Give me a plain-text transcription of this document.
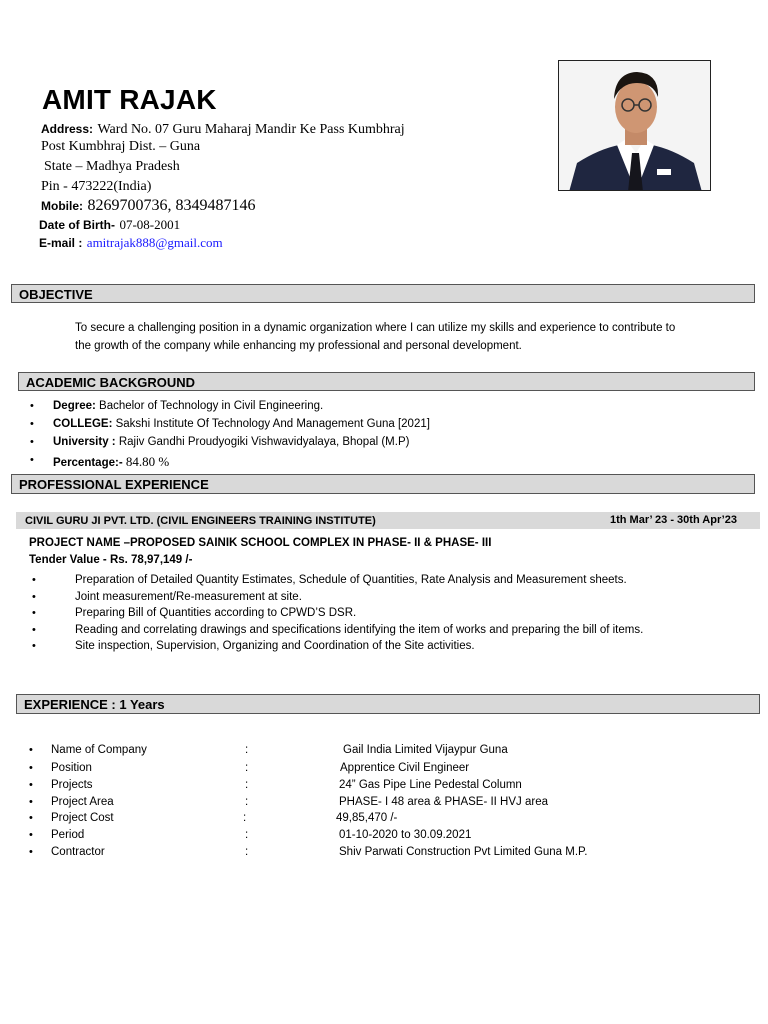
AMIT RAJAK
Address: Ward No. 07 Guru Maharaj Mandir Ke Pass Kumbhraj
Post Kumbhraj Dist. – Guna
State – Madhya Pradesh
Pin - 473222(India)
Mobile: 8269700736, 8349487146
Date of Birth- 07-08-2001
E-mail : amitrajak888@gmail.com
OBJECTIVE
To secure a challenging position in a dynamic organization where I can utilize my skills and experience to contribute to
the growth of the company while enhancing my professional and personal development.
ACADEMIC BACKGROUND
• Degree: Bachelor of Technology in Civil Engineering.
• COLLEGE: Sakshi Institute Of Technology And Management Guna [2021]
• University : Rajiv Gandhi Proudyogiki Vishwavidyalaya, Bhopal (M.P)
• Percentage:- 84.80 %
PROFESSIONAL EXPERIENCE
CIVIL GURU JI PVT. LTD. (CIVIL ENGINEERS TRAINING INSTITUTE)	1th Mar’ 23 - 30th Apr’23
PROJECT NAME –PROPOSED SAINIK SCHOOL COMPLEX IN PHASE- II & PHASE- III
Tender Value - Rs. 78,97,149 /-
•	Preparation of Detailed Quantity Estimates, Schedule of Quantities, Rate Analysis and Measurement sheets.
•	Joint measurement/Re-measurement at site.
•	Preparing Bill of Quantities according to CPWD’S DSR.
•	Reading and correlating drawings and specifications identifying the item of works and preparing the bill of items.
•	Site inspection, Supervision, Organizing and Coordination of the Site activities.
EXPERIENCE : 1 Years
• Name of Company	:	Gail India Limited Vijaypur Guna
• Position	:	Apprentice Civil Engineer
• Projects	:	24” Gas Pipe Line Pedestal Column
• Project Area	:	PHASE- I 48 area & PHASE- II HVJ area
• Project Cost	:	49,85,470 /-
• Period	:	01-10-2020 to 30.09.2021
• Contractor	:	Shiv Parwati Construction Pvt Limited Guna M.P.
